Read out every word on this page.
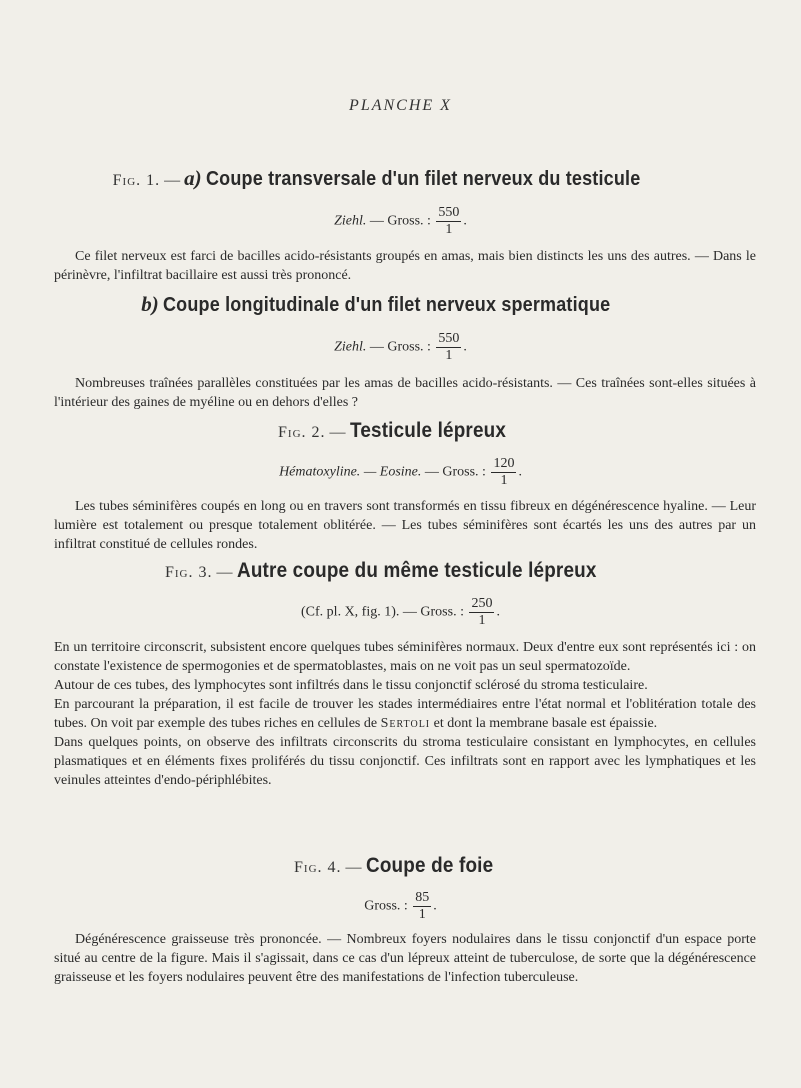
PLANCHE X
Fig. 1. — a) Coupe transversale d'un filet nerveux du testicule
Ziehl. — Gross. : $\frac{550}{1}$ .

Ce filet nerveux est farci de bacilles acido-résistants groupés en amas, mais bien distincts les uns des autres. — Dans le périnèvre, l'infiltrat bacillaire est aussi très prononcé.

b) Coupe longitudinale d'un filet nerveux spermatique
Ziehl. — Gross. : $\frac{550}{1}$ .

Nombreuses traînées parallèles constituées par les amas de bacilles acido-résistants. — Ces traînées sont-elles situées à l'intérieur des gaines de myéline ou en dehors d'elles ?

Fig. 2. — Testicule lépreux
Hématoxyline. — Eosine. — Gross. : $\frac{120}{1}$ .

Les tubes séminifères coupés en long ou en travers sont transformés en tissu fibreux en dégénérescence hyaline. — Leur lumière est totalement ou presque totalement oblitérée. — Les tubes séminifères sont écartés les uns des autres par un infiltrat constitué de cellules rondes.

Fig. 3. — Autre coupe du même testicule lépreux
(Cf. pl. X, fig. 1). — Gross. : $\frac{250}{1}$ .

En un territoire circonscrit, subsistent encore quelques tubes séminifères normaux. Deux d'entre eux sont représentés ici : on constate l'existence de spermogonies et de spermatoblastes, mais on ne voit pas un seul spermatozoïde.

Autour de ces tubes, des lymphocytes sont infiltrés dans le tissu conjonctif sclérosé du stroma testiculaire.

En parcourant la préparation, il est facile de trouver les stades intermédiaires entre l'état normal et l'oblitération totale des tubes. On voit par exemple des tubes riches en cellules de Sertoli et dont la membrane basale est épaissie.

Dans quelques points, on observe des infiltrats circonscrits du stroma testiculaire consistant en lymphocytes, en cellules plasmatiques et en éléments fixes proliférés du tissu conjonctif. Ces infiltrats sont en rapport avec les lymphatiques et les veinules atteintes d'endo-périphlébites.

Fig. 4. — Coupe de foie
Gross. : $\frac{85}{1}$ .

Dégénérescence graisseuse très prononcée. — Nombreux foyers nodulaires dans le tissu conjonctif d'un espace porte situé au centre de la figure. Mais il s'agissait, dans ce cas d'un lépreux atteint de tuberculose, de sorte que la dégénérescence graisseuse et les foyers nodulaires peuvent être des manifestations de l'infection tuberculeuse.
